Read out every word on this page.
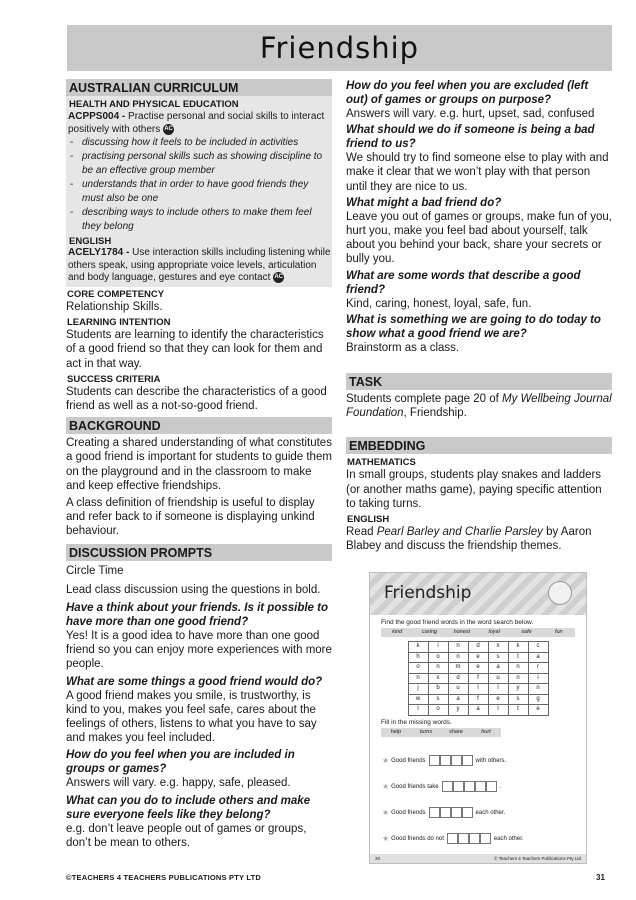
Friendship
AUSTRALIAN CURRICULUM
HEALTH AND PHYSICAL EDUCATION
ACPPS004 - Practise personal and social skills to interact positively with others AC
- discussing how it feels to be included in activities
- practising personal skills such as showing discipline to be an effective group member
- understands that in order to have good friends they must also be one
- describing ways to include others to make them feel they belong
ENGLISH
ACELY1784 - Use interaction skills including listening while others speak, using appropriate voice levels, articulation and body language, gestures and eye contact AC
CORE COMPETENCY
Relationship Skills.
LEARNING INTENTION
Students are learning to identify the characteristics of a good friend so that they can look for them and act in that way.
SUCCESS CRITERIA
Students can describe the characteristics of a good friend as well as a not-so-good friend.
BACKGROUND
Creating a shared understanding of what constitutes a good friend is important for students to guide them on the playground and in the classroom to make and keep effective friendships.
A class definition of friendship is useful to display and refer back to if someone is displaying unkind behaviour.
DISCUSSION PROMPTS
Circle Time
Lead class discussion using the questions in bold.
Have a think about your friends. Is it possible to have more than one good friend?
Yes! It is a good idea to have more than one good friend so you can enjoy more experiences with more people.
What are some things a good friend would do?
A good friend makes you smile, is trustworthy, is kind to you, makes you feel safe, cares about the feelings of others, listens to what you have to say and makes you feel included.
How do you feel when you are included in groups or games?
Answers will vary. e.g. happy, safe, pleased.
What can you do to include others and make sure everyone feels like they belong?
e.g. don’t leave people out of games or groups, don’t be mean to others.
How do you feel when you are excluded (left out) of games or groups on purpose?
Answers will vary. e.g. hurt, upset, sad, confused
What should we do if someone is being a bad friend to us?
We should try to find someone else to play with and make it clear that we won’t play with that person until they are nice to us.
What might a bad friend do?
Leave you out of games or groups, make fun of you, hurt you, make you feel bad about yourself, talk about you behind your back, share your secrets or bully you.
What are some words that describe a good friend?
Kind, caring, honest, loyal, safe, fun.
What is something we are going to do today to show what a good friend we are?
Brainstorm as a class.
TASK
Students complete page 20 of My Wellbeing Journal Foundation, Friendship.
EMBEDDING
MATHEMATICS
In small groups, students play snakes and ladders (or another maths game), paying specific attention to taking turns.
ENGLISH
Read Pearl Barley and Charlie Parsley by Aaron Blabey and discuss the friendship themes.
Friendship
Find the good friend words in the word search below.
kind	caring	honest	loyal	safe	fun
k	i	n	d	x	k	c
h	o	n	e	s	t	a
o	n	m	e	a	n	r
n	x	d	f	u	n	i
j	b	u	l	l	y	n
w	s	a	f	e	s	g
l	o	y	a	l	t	e
Fill in the missing words.
help	turns	share	hurt
★ Good friends	with others.
★ Good friends take	.
★ Good friends	each other.
★ Good friends do not	each other.
20	© Teachers 4 Teachers Publications Pty Ltd
©TEACHERS 4 TEACHERS PUBLICATIONS PTY LTD	31
